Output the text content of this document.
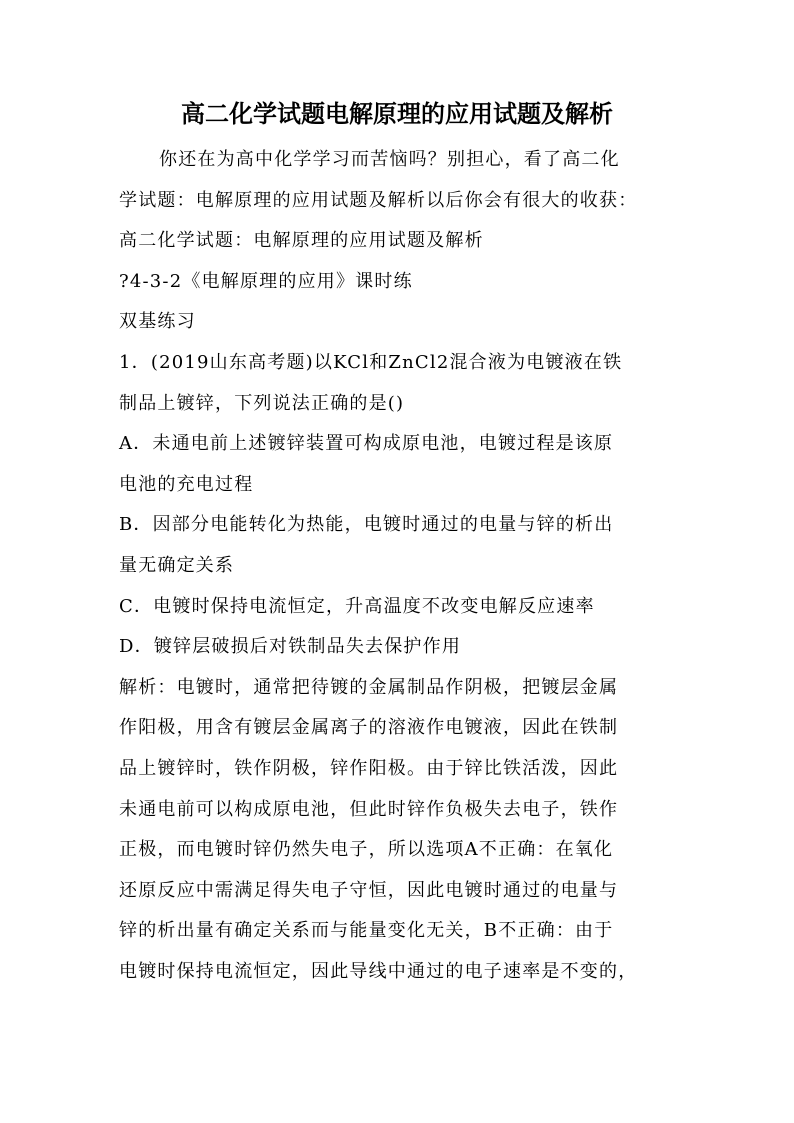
高二化学试题电解原理的应用试题及解析
你还在为高中化学学习而苦恼吗？别担心，看了高二化
学试题：电解原理的应用试题及解析以后你会有很大的收获：
高二化学试题：电解原理的应用试题及解析
?4-3-2《电解原理的应用》课时练
双基练习
1．(2019山东高考题)以KCl和ZnCl2混合液为电镀液在铁
制品上镀锌，下列说法正确的是()
A．未通电前上述镀锌装置可构成原电池，电镀过程是该原
电池的充电过程
B．因部分电能转化为热能，电镀时通过的电量与锌的析出
量无确定关系
C．电镀时保持电流恒定，升高温度不改变电解反应速率
D．镀锌层破损后对铁制品失去保护作用
解析：电镀时，通常把待镀的金属制品作阴极，把镀层金属
作阳极，用含有镀层金属离子的溶液作电镀液，因此在铁制
品上镀锌时，铁作阴极，锌作阳极。由于锌比铁活泼，因此
未通电前可以构成原电池，但此时锌作负极失去电子，铁作
正极，而电镀时锌仍然失电子，所以选项A不正确：在氧化
还原反应中需满足得失电子守恒，因此电镀时通过的电量与
锌的析出量有确定关系而与能量变化无关，B不正确：由于
电镀时保持电流恒定，因此导线中通过的电子速率是不变的，
